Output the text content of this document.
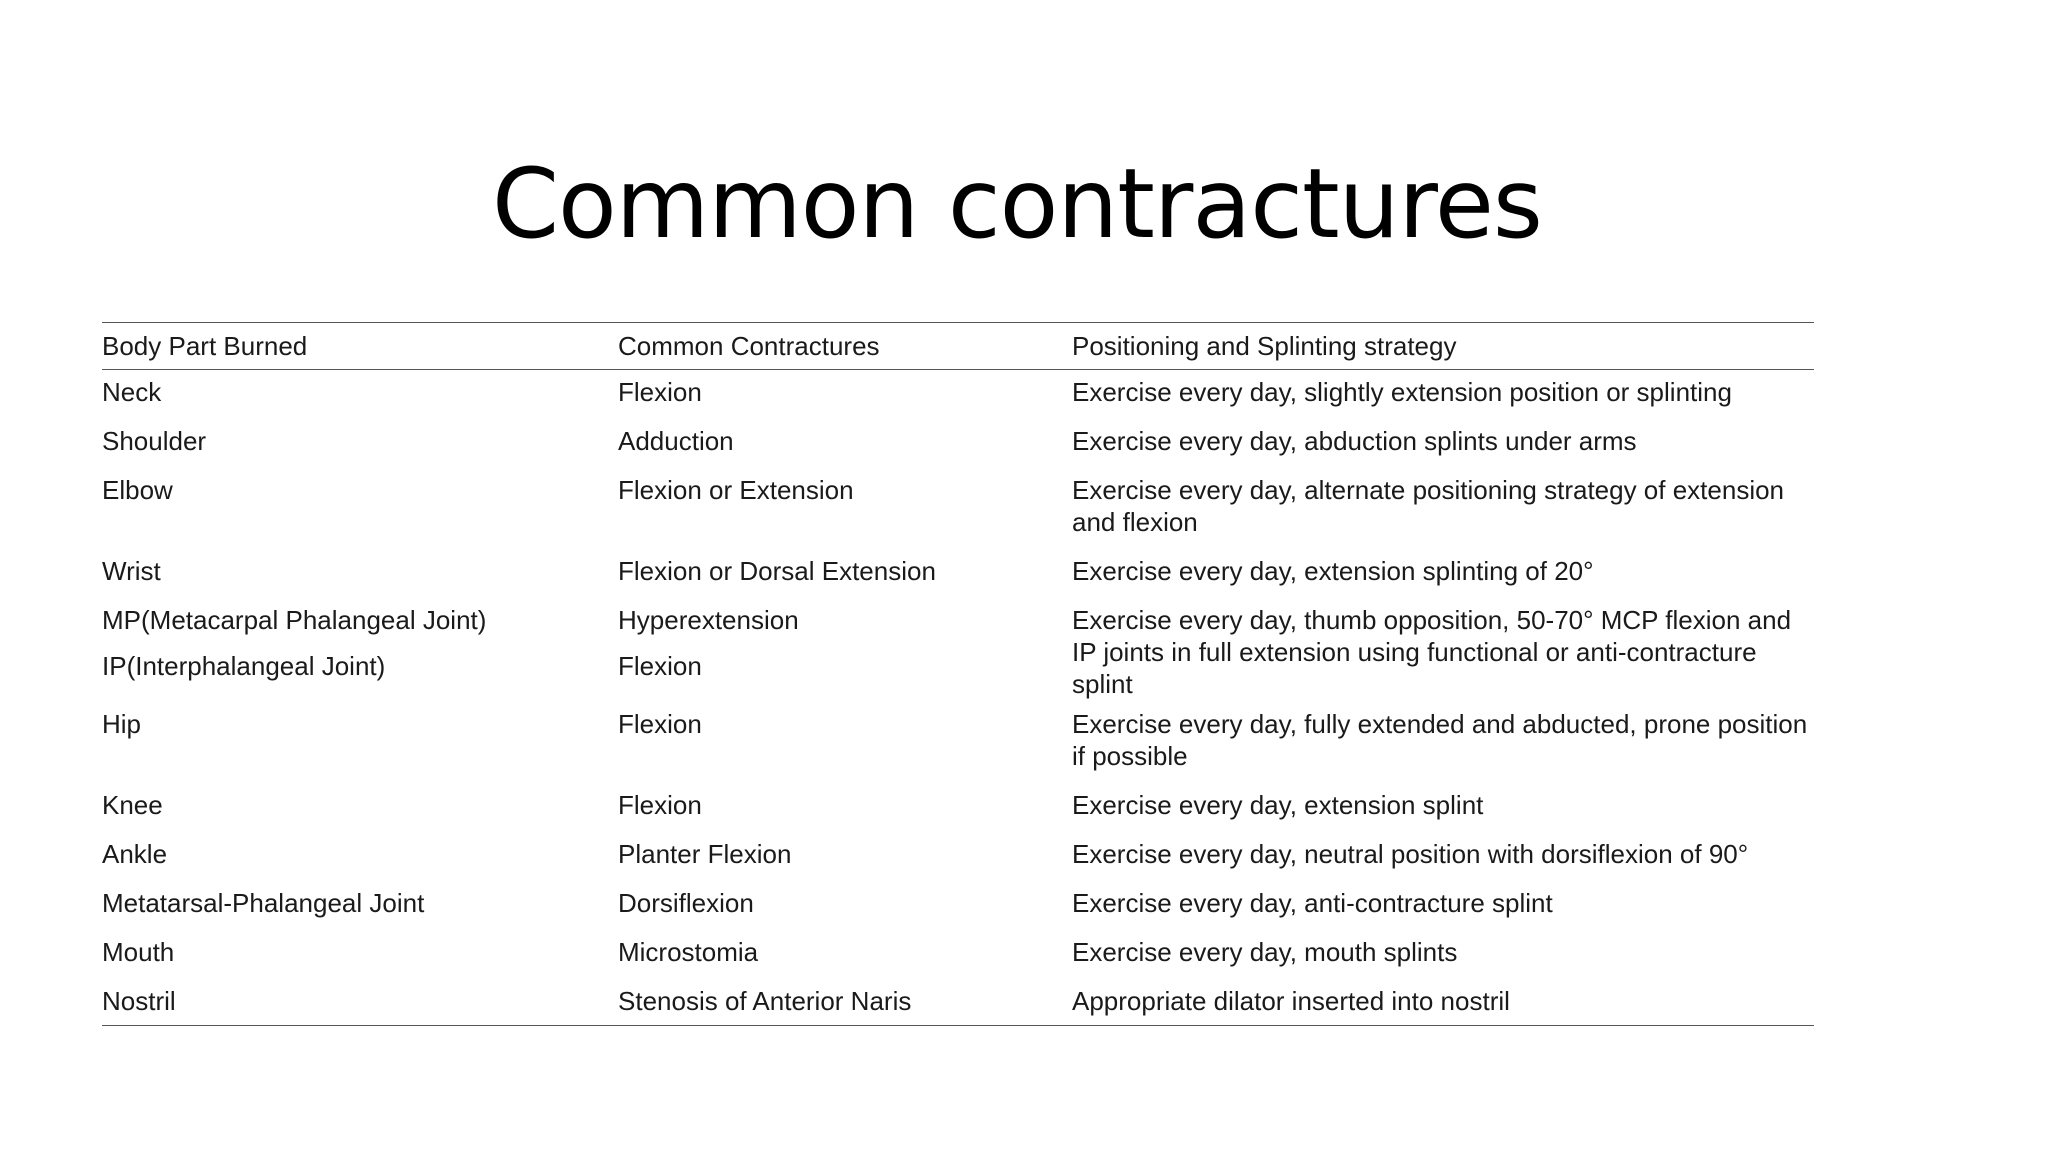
Common contractures
Body Part Burned	Common Contractures	Positioning and Splinting strategy
Neck	Flexion	Exercise every day, slightly extension position or splinting
Shoulder	Adduction	Exercise every day, abduction splints under arms
Elbow	Flexion or Extension	Exercise every day, alternate positioning strategy of extension and flexion
Wrist	Flexion or Dorsal Extension	Exercise every day, extension splinting of 20°
MP(Metacarpal Phalangeal Joint)	Hyperextension	Exercise every day, thumb opposition, 50-70° MCP flexion and IP joints in full extension using functional or anti-contracture splint
IP(Interphalangeal Joint)	Flexion	
Hip	Flexion	Exercise every day, fully extended and abducted, prone position if possible
Knee	Flexion	Exercise every day, extension splint
Ankle	Planter Flexion	Exercise every day, neutral position with dorsiflexion of 90°
Metatarsal-Phalangeal Joint	Dorsiflexion	Exercise every day, anti-contracture splint
Mouth	Microstomia	Exercise every day, mouth splints
Nostril	Stenosis of Anterior Naris	Appropriate dilator inserted into nostril
